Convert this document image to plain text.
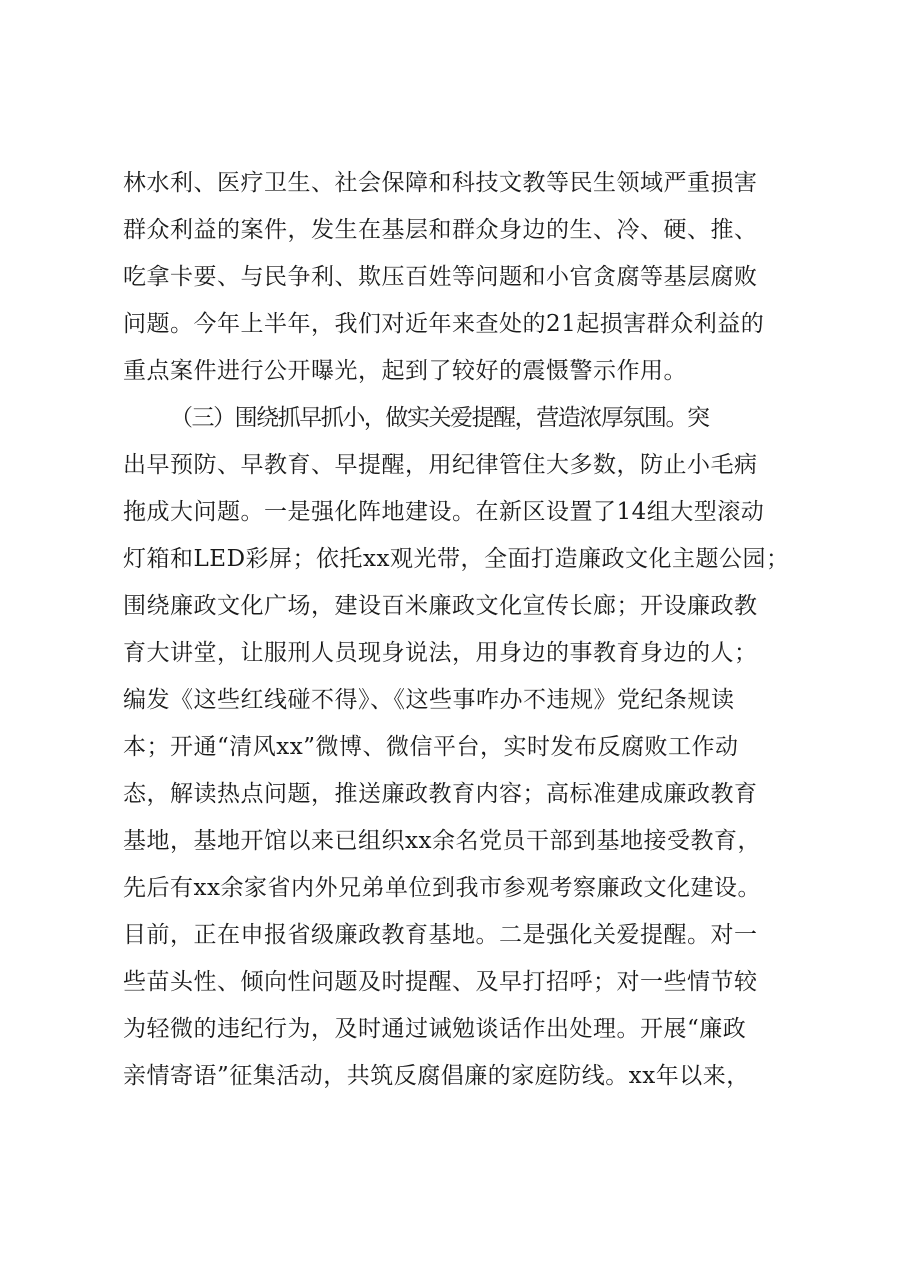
林水利、医疗卫生、社会保障和科技文教等民生领域严重损害
群众利益的案件，发生在基层和群众身边的生、冷、硬、推、
吃拿卡要、与民争利、欺压百姓等问题和小官贪腐等基层腐败
问题。今年上半年，我们对近年来查处的21起损害群众利益的
重点案件进行公开曝光，起到了较好的震慑警示作用。
（三）围绕抓早抓小，做实关爱提醒，营造浓厚氛围。突
出早预防、早教育、早提醒，用纪律管住大多数，防止小毛病
拖成大问题。一是强化阵地建设。在新区设置了14组大型滚动
灯箱和LED彩屏；依托xx观光带，全面打造廉政文化主题公园；
围绕廉政文化广场，建设百米廉政文化宣传长廊；开设廉政教
育大讲堂，让服刑人员现身说法，用身边的事教育身边的人；
编发《这些红线碰不得》、《这些事咋办不违规》党纪条规读
本；开通“清风xx”微博、微信平台，实时发布反腐败工作动
态，解读热点问题，推送廉政教育内容；高标准建成廉政教育
基地，基地开馆以来已组织xx余名党员干部到基地接受教育，
先后有xx余家省内外兄弟单位到我市参观考察廉政文化建设。
目前，正在申报省级廉政教育基地。二是强化关爱提醒。对一
些苗头性、倾向性问题及时提醒、及早打招呼；对一些情节较
为轻微的违纪行为，及时通过诫勉谈话作出处理。开展“廉政
亲情寄语”征集活动，共筑反腐倡廉的家庭防线。xx年以来，
